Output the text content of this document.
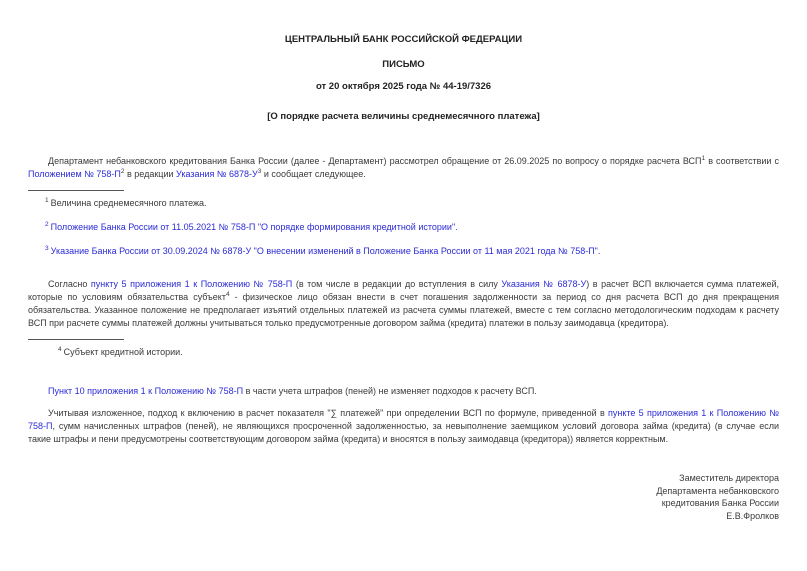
ЦЕНТРАЛЬНЫЙ БАНК РОССИЙСКОЙ ФЕДЕРАЦИИ
ПИСЬМО
от 20 октября 2025 года № 44-19/7326
[О порядке расчета величины среднемесячного платежа]

Департамент небанковского кредитования Банка России (далее - Департамент) рассмотрел обращение от 26.09.2025 по вопросу о порядке расчета ВСП$^1$ в соответствии с Положением № 758-П$^2$ в редакции Указания № 6878-У$^3$ и сообщает следующее.

$^1$ Величина среднемесячного платежа.

$^2$ Положение Банка России от 11.05.2021 № 758-П "О порядке формирования кредитной истории".

$^3$ Указание Банка России от 30.09.2024 № 6878-У "О внесении изменений в Положение Банка России от 11 мая 2021 года № 758-П".

Согласно пункту 5 приложения 1 к Положению № 758-П (в том числе в редакции до вступления в силу Указания № 6878-У) в расчет ВСП включается сумма платежей, которые по условиям обязательства субъект$^4$ - физическое лицо обязан внести в счет погашения задолженности за период со дня расчета ВСП до дня прекращения обязательства. Указанное положение не предполагает изъятий отдельных платежей из расчета суммы платежей, вместе с тем согласно методологическим подходам к расчету ВСП при расчете суммы платежей должны учитываться только предусмотренные договором займа (кредита) платежи в пользу заимодавца (кредитора).

$^4$ Субъект кредитной истории.

Пункт 10 приложения 1 к Положению № 758-П в части учета штрафов (пеней) не изменяет подходов к расчету ВСП.

Учитывая изложенное, подход к включению в расчет показателя "∑ платежей" при определении ВСП по формуле, приведенной в пункте 5 приложения 1 к Положению № 758-П, сумм начисленных штрафов (пеней), не являющихся просроченной задолженностью, за невыполнение заемщиком условий договора займа (кредита) (в случае если такие штрафы и пени предусмотрены соответствующим договором займа (кредита) и вносятся в пользу заимодавца (кредитора)) является корректным.

Заместитель директора
Департамента небанковского
кредитования Банка России
Е.В.Фролков
